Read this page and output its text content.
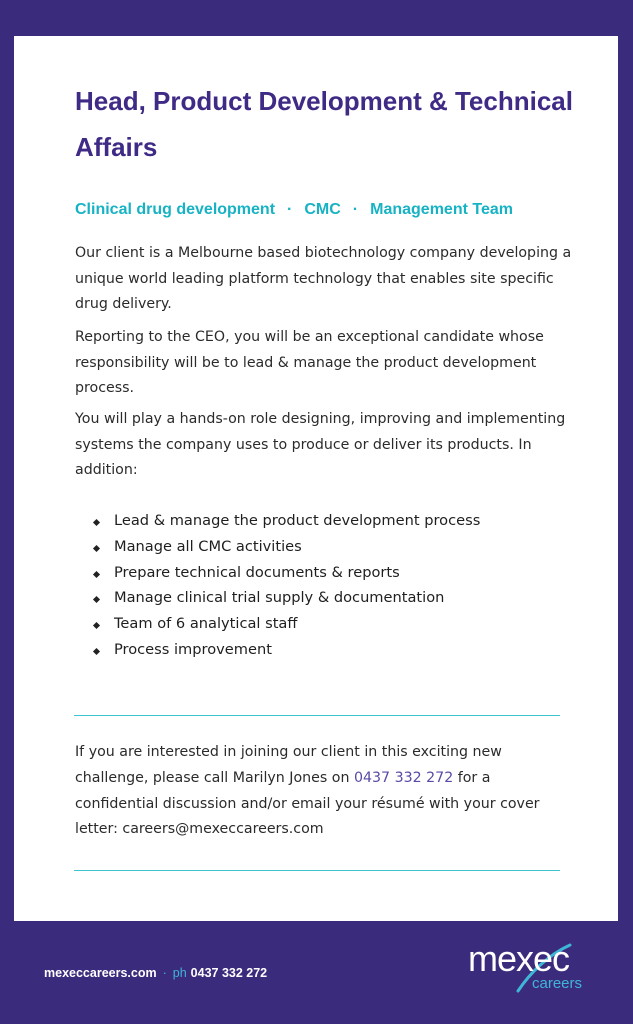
Head, Product Development & Technical Affairs
Clinical drug development · CMC · Management Team

Our client is a Melbourne based biotechnology company developing a unique world leading platform technology that enables site specific drug delivery.

Reporting to the CEO, you will be an exceptional candidate whose responsibility will be to lead & manage the product development process.

You will play a hands-on role designing, improving and implementing systems the company uses to produce or deliver its products. In addition:

Lead & manage the product development process
Manage all CMC activities
Prepare technical documents & reports
Manage clinical trial supply & documentation
Team of 6 analytical staff
Process improvement

If you are interested in joining our client in this exciting new challenge, please call Marilyn Jones on 0437 332 272 for a confidential discussion and/or email your résumé with your cover letter: careers@mexeccareers.com

mexeccareers.com · ph 0437 332 272	mexec
careers
